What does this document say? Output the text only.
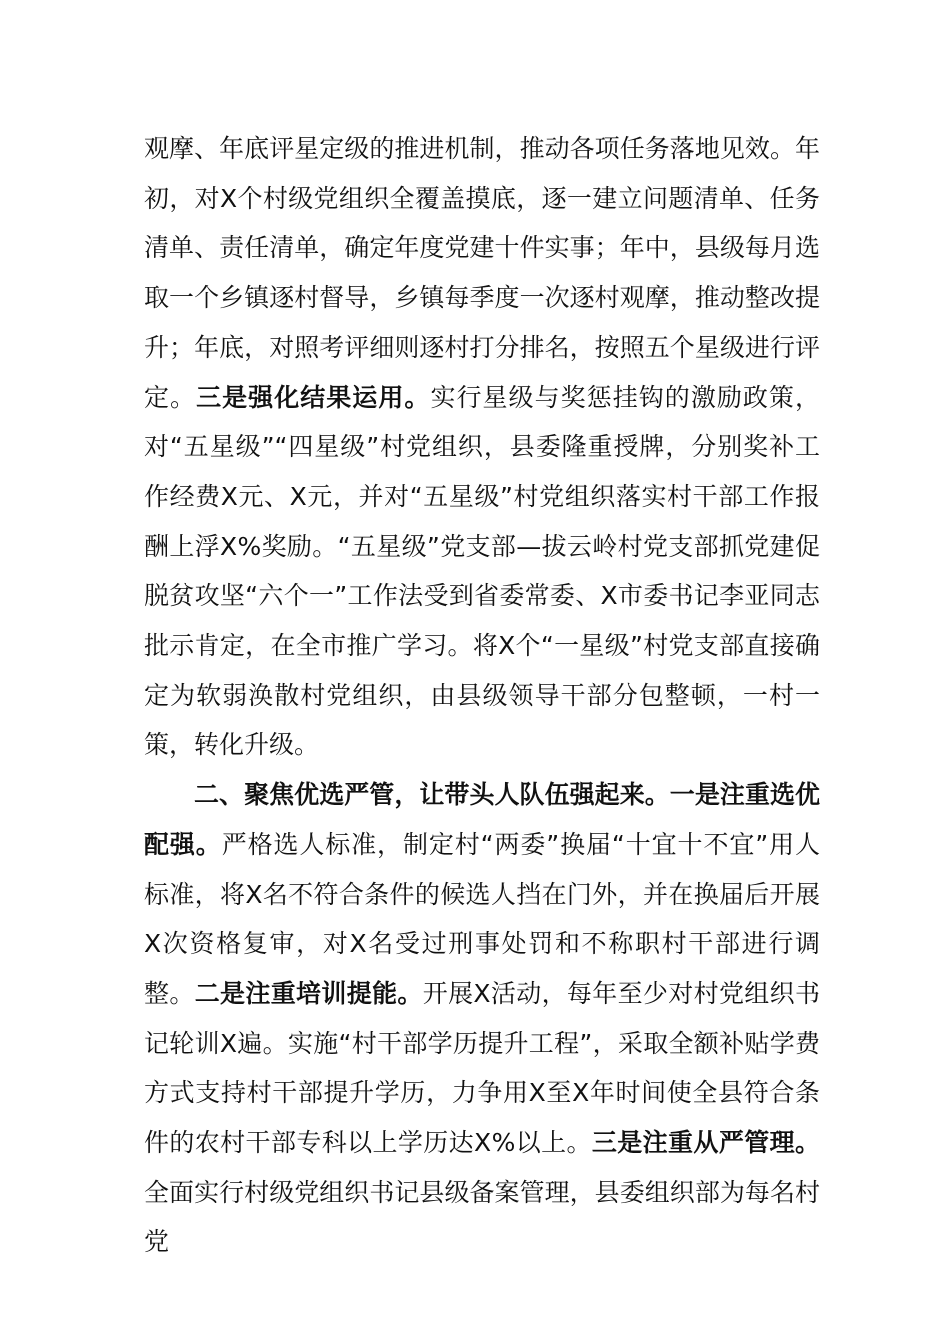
观摩、年底评星定级的推进机制，推动各项任务落地见效。年初，对Ⅹ个村级党组织全覆盖摸底，逐一建立问题清单、任务清单、责任清单，确定年度党建十件实事；年中，县级每月选取一个乡镇逐村督导，乡镇每季度一次逐村观摩，推动整改提升；年底，对照考评细则逐村打分排名，按照五个星级进行评定。三是强化结果运用。实行星级与奖惩挂钩的激励政策，对“五星级”“四星级”村党组织，县委隆重授牌，分别奖补工作经费Ⅹ元、Ⅹ元，并对“五星级”村党组织落实村干部工作报酬上浮Ⅹ%奖励。“五星级”党支部—拔云岭村党支部抓党建促脱贫攻坚“六个一”工作法受到省委常委、Ⅹ市委书记李亚同志批示肯定，在全市推广学习。将Ⅹ个“一星级”村党支部直接确定为软弱涣散村党组织，由县级领导干部分包整顿，一村一策，转化升级。

二、聚焦优选严管，让带头人队伍强起来。一是注重选优配强。严格选人标准，制定村“两委”换届“十宜十不宜”用人标准，将Ⅹ名不符合条件的候选人挡在门外，并在换届后开展Ⅹ次资格复审，对Ⅹ名受过刑事处罚和不称职村干部进行调整。二是注重培训提能。开展Ⅹ活动，每年至少对村党组织书记轮训Ⅹ遍。实施“村干部学历提升工程”，采取全额补贴学费方式支持村干部提升学历，力争用Ⅹ至Ⅹ年时间使全县符合条件的农村干部专科以上学历达Ⅹ%以上。三是注重从严管理。全面实行村级党组织书记县级备案管理，县委组织部为每名村党
